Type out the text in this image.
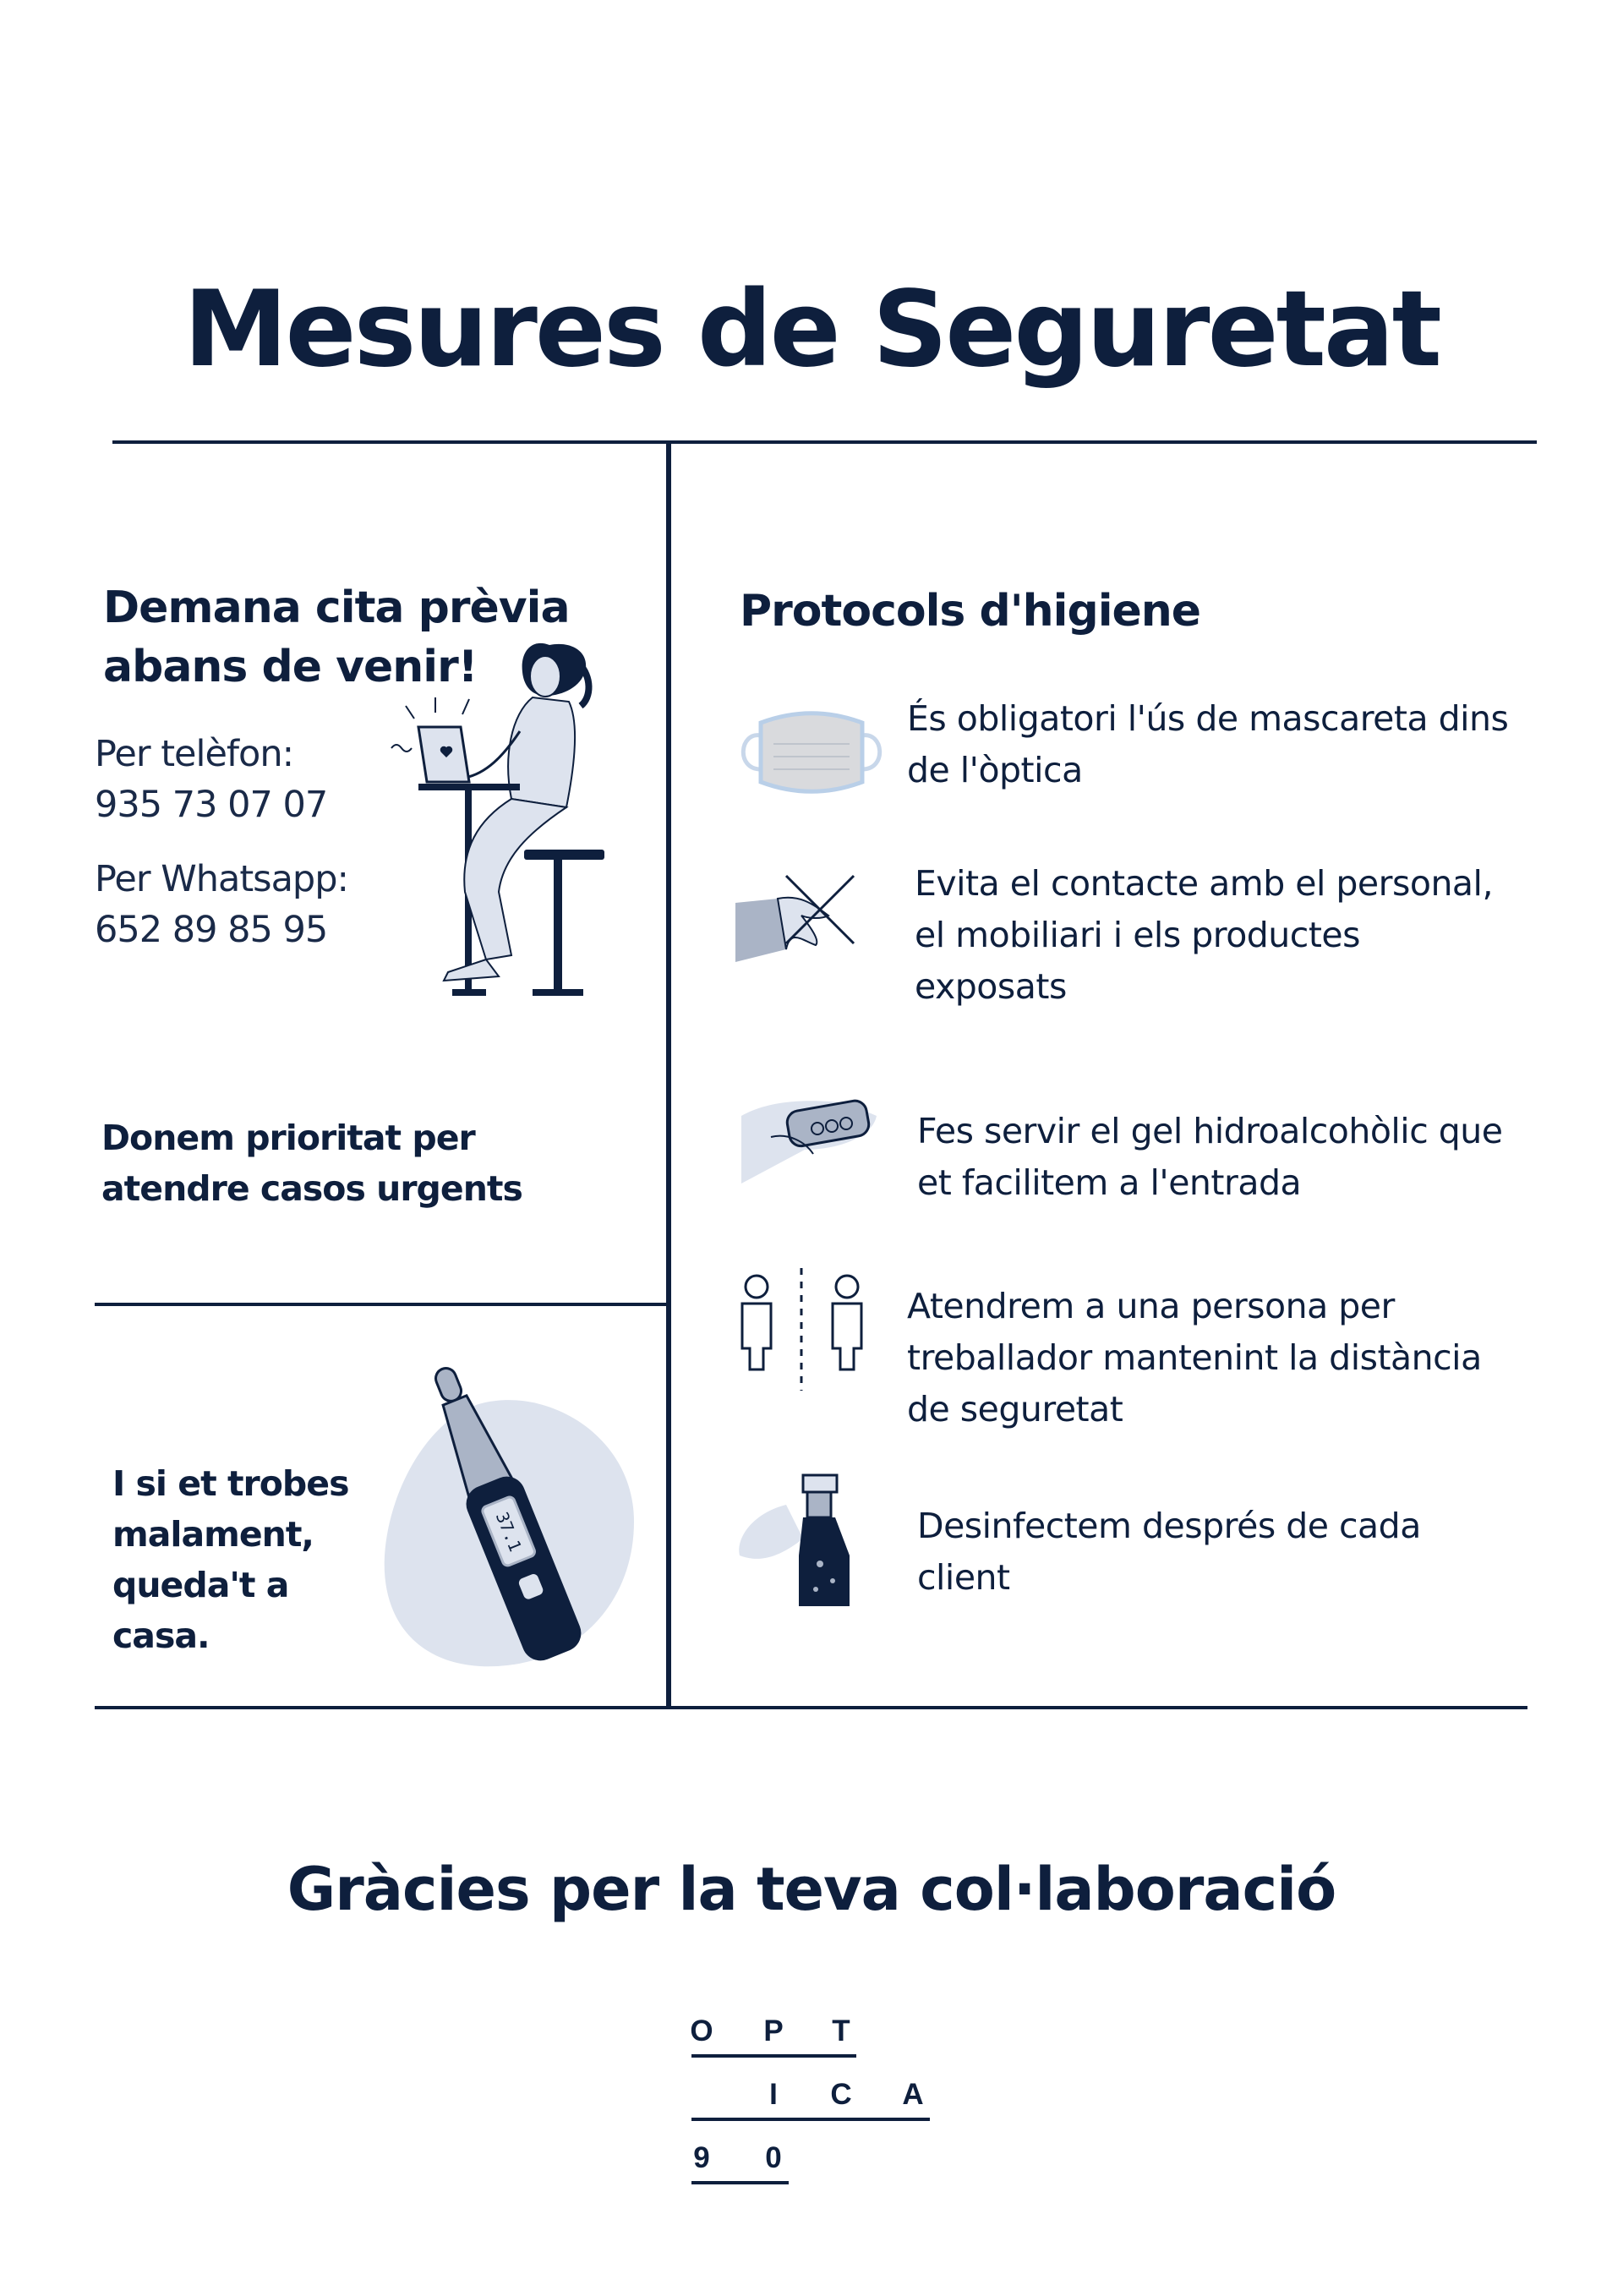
Mesures de Seguretat
Demana cita prèvia
abans de venir!
Per telèfon:
935 73 07 07
Per Whatsapp:
652 89 85 95
Donem prioritat per
atendre casos urgents
I si et trobes
malament,
queda't a
casa.
37.1
Protocols d'higiene
És obligatori l'ús de mascareta dins
de l'òptica
Evita el contacte amb el personal,
el mobiliari i els productes
exposats
Fes servir el gel hidroalcohòlic que
et facilitem a l'entrada
Atendrem a una persona per
treballador mantenint la distància
de seguretat
Desinfectem després de cada
client
Gràcies per la teva col·laboració
O	P	T
I	C	A
9	0
